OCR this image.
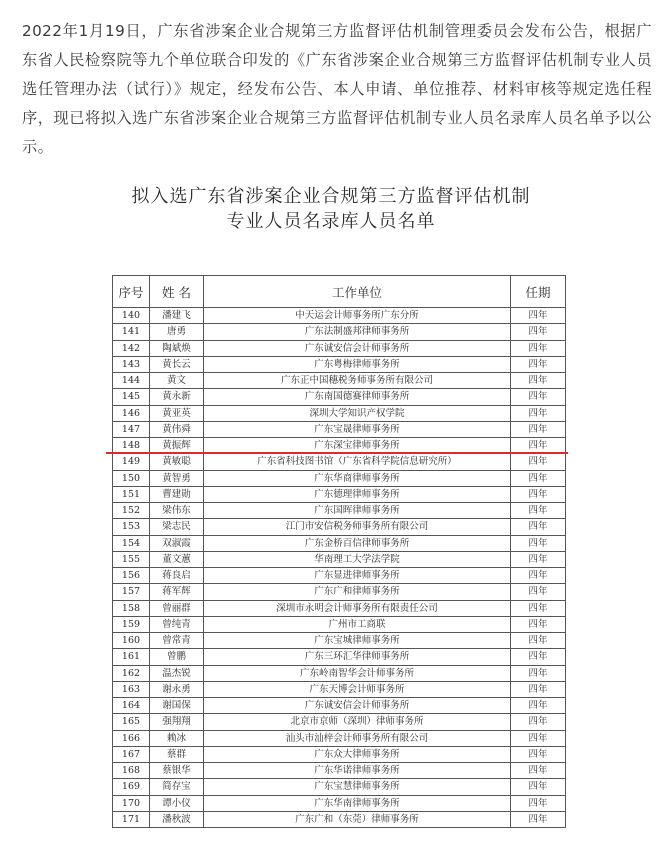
2022年1月19日，广东省涉案企业合规第三方监督评估机制管理委员会发布公告，根据广东省人民检察院等九个单位联合印发的《广东省涉案企业合规第三方监督评估机制专业人员选任管理办法（试行）》规定，经发布公告、本人申请、单位推荐、材料审核等规定选任程序，现已将拟入选广东省涉案企业合规第三方监督评估机制专业人员名录库人员名单予以公示。

拟入选广东省涉案企业合规第三方监督评估机制
专业人员名录库人员名单
序号	姓 名	工作单位	任期
140	潘建飞	中天运会计师事务所广东分所	四年
141	唐勇	广东法制盛邦律师事务所	四年
142	陶斌焕	广东诚安信会计师事务所	四年
143	黄长云	广东粤梅律师事务所	四年
144	黄文	广东正中国穗税务师事务所有限公司	四年
145	黄永新	广东南国德赛律师事务所	四年
146	黄亚英	深圳大学知识产权学院	四年
147	黄伟舜	广东宝晟律师事务所	四年
148	黄振辉	广东深宝律师事务所	四年
149	黄敏聪	广东省科技图书馆（广东省科学院信息研究所）	四年
150	黄智勇	广东华商律师事务所	四年
151	曹建勋	广东德理律师事务所	四年
152	梁伟东	广东国晖律师事务所	四年
153	梁志民	江门市安信税务师事务所有限公司	四年
154	双淑霞	广东金桥百信律师事务所	四年
155	董文蕙	华南理工大学法学院	四年
156	蒋良启	广东显进律师事务所	四年
157	蒋军辉	广东广和律师事务所	四年
158	曾丽群	深圳市永明会计师事务所有限责任公司	四年
159	曾纯青	广州市工商联	四年
160	曾常青	广东宝城律师事务所	四年
161	曾鹏	广东三环汇华律师事务所	四年
162	温杰锐	广东岭南智华会计师事务所	四年
163	谢永勇	广东天博会计师事务所	四年
164	谢国保	广东诚安信会计师事务所	四年
165	强翔翔	北京市京师（深圳）律师事务所	四年
166	赖冰	汕头市汕梓会计师事务所有限公司	四年
167	蔡群	广东众大律师事务所	四年
168	蔡银华	广东华诺律师事务所	四年
169	简存宝	广东宝慧律师事务所	四年
170	谭小仪	广东华南律师事务所	四年
171	潘秋波	广东广和（东莞）律师事务所	四年
